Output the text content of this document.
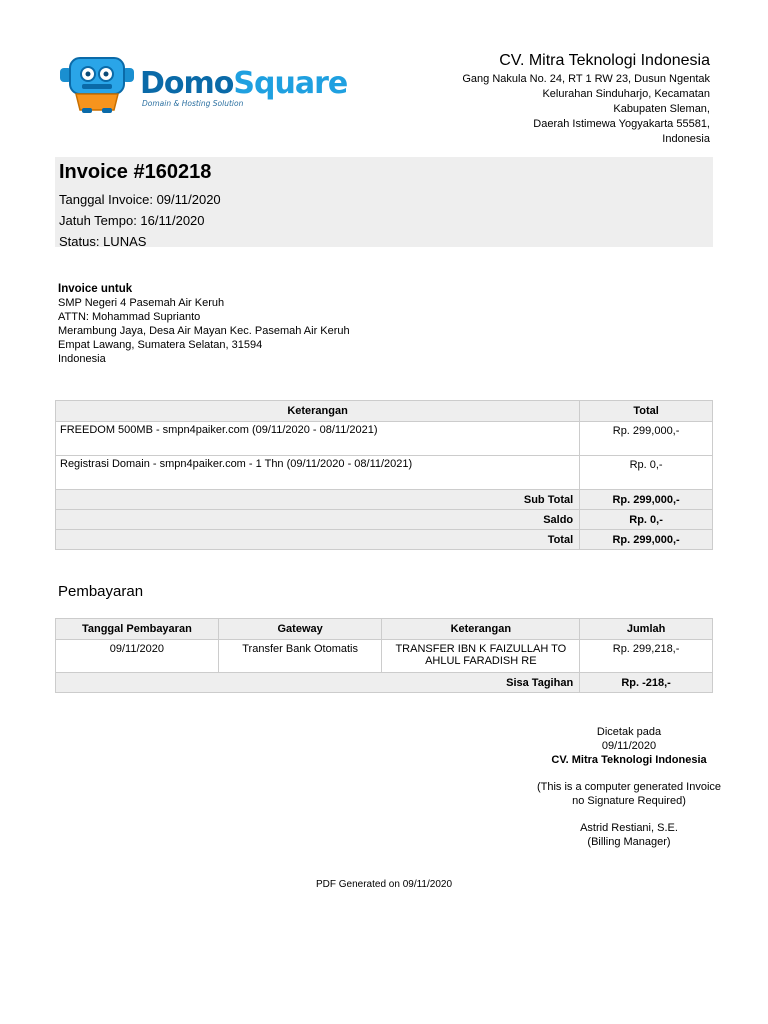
DomoSquare
Domain & Hosting Solution
CV. Mitra Teknologi Indonesia
Gang Nakula No. 24, RT 1 RW 23, Dusun Ngentak
Kelurahan Sinduharjo, Kecamatan
Kabupaten Sleman,
Daerah Istimewa Yogyakarta 55581,
Indonesia
Invoice #160218
Tanggal Invoice: 09/11/2020
Jatuh Tempo: 16/11/2020
Status: LUNAS
Invoice untuk
SMP Negeri 4 Pasemah Air Keruh
ATTN: Mohammad Suprianto
Merambung Jaya, Desa Air Mayan Kec. Pasemah Air Keruh
Empat Lawang, Sumatera Selatan, 31594
Indonesia
Keterangan	Total
FREEDOM 500MB - smpn4paiker.com (09/11/2020 - 08/11/2021)	Rp. 299,000,-
Registrasi Domain - smpn4paiker.com - 1 Thn (09/11/2020 - 08/11/2021)	Rp. 0,-
Sub Total	Rp. 299,000,-
Saldo	Rp. 0,-
Total	Rp. 299,000,-
Pembayaran
Tanggal Pembayaran	Gateway	Keterangan	Jumlah
09/11/2020	Transfer Bank Otomatis	TRANSFER IBN K FAIZULLAH TO AHLUL FARADISH RE	Rp. 299,218,-
Sisa Tagihan			Rp. -218,-
Dicetak pada
09/11/2020
CV. Mitra Teknologi Indonesia
(This is a computer generated Invoice
no Signature Required)
Astrid Restiani, S.E.
(Billing Manager)
PDF Generated on 09/11/2020
